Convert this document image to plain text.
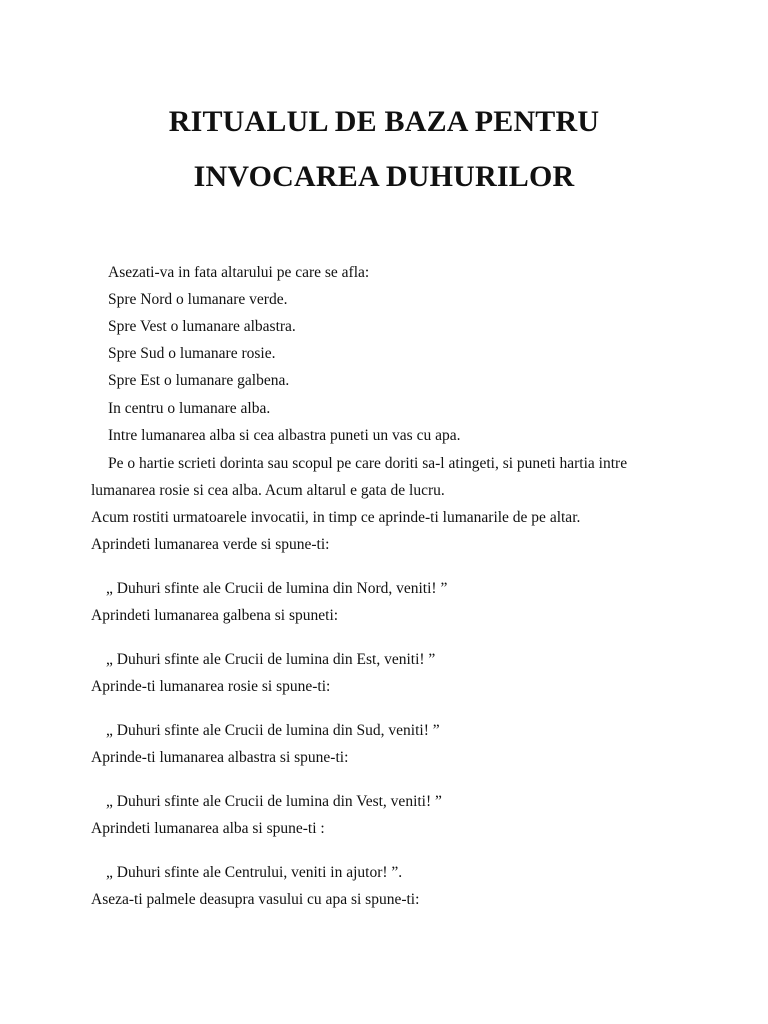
RITUALUL DE BAZA PENTRU
INVOCAREA DUHURILOR

Asezati-va in fata altarului pe care se afla:

Spre Nord o lumanare verde.

Spre Vest o lumanare albastra.

Spre Sud o lumanare rosie.

Spre Est o lumanare galbena.

In centru o lumanare alba.

Intre lumanarea alba si cea albastra puneti un vas cu apa.

Pe o hartie scrieti dorinta sau scopul pe care doriti sa-l atingeti, si puneti hartia intre

lumanarea rosie si cea alba. Acum altarul e gata de lucru.

Acum rostiti urmatoarele invocatii, in timp ce aprinde-ti lumanarile de pe altar.

Aprindeti lumanarea verde si spune-ti:

„ Duhuri sfinte ale Crucii de lumina din Nord, veniti! ”

Aprindeti lumanarea galbena si spuneti:

„ Duhuri sfinte ale Crucii de lumina din Est, veniti! ”

Aprinde-ti lumanarea rosie si spune-ti:

„ Duhuri sfinte ale Crucii de lumina din Sud, veniti! ”

Aprinde-ti lumanarea albastra si spune-ti:

„ Duhuri sfinte ale Crucii de lumina din Vest, veniti! ”

Aprindeti lumanarea alba si spune-ti :

„ Duhuri sfinte ale Centrului, veniti in ajutor! ”.

Aseza-ti palmele deasupra vasului cu apa si spune-ti:
